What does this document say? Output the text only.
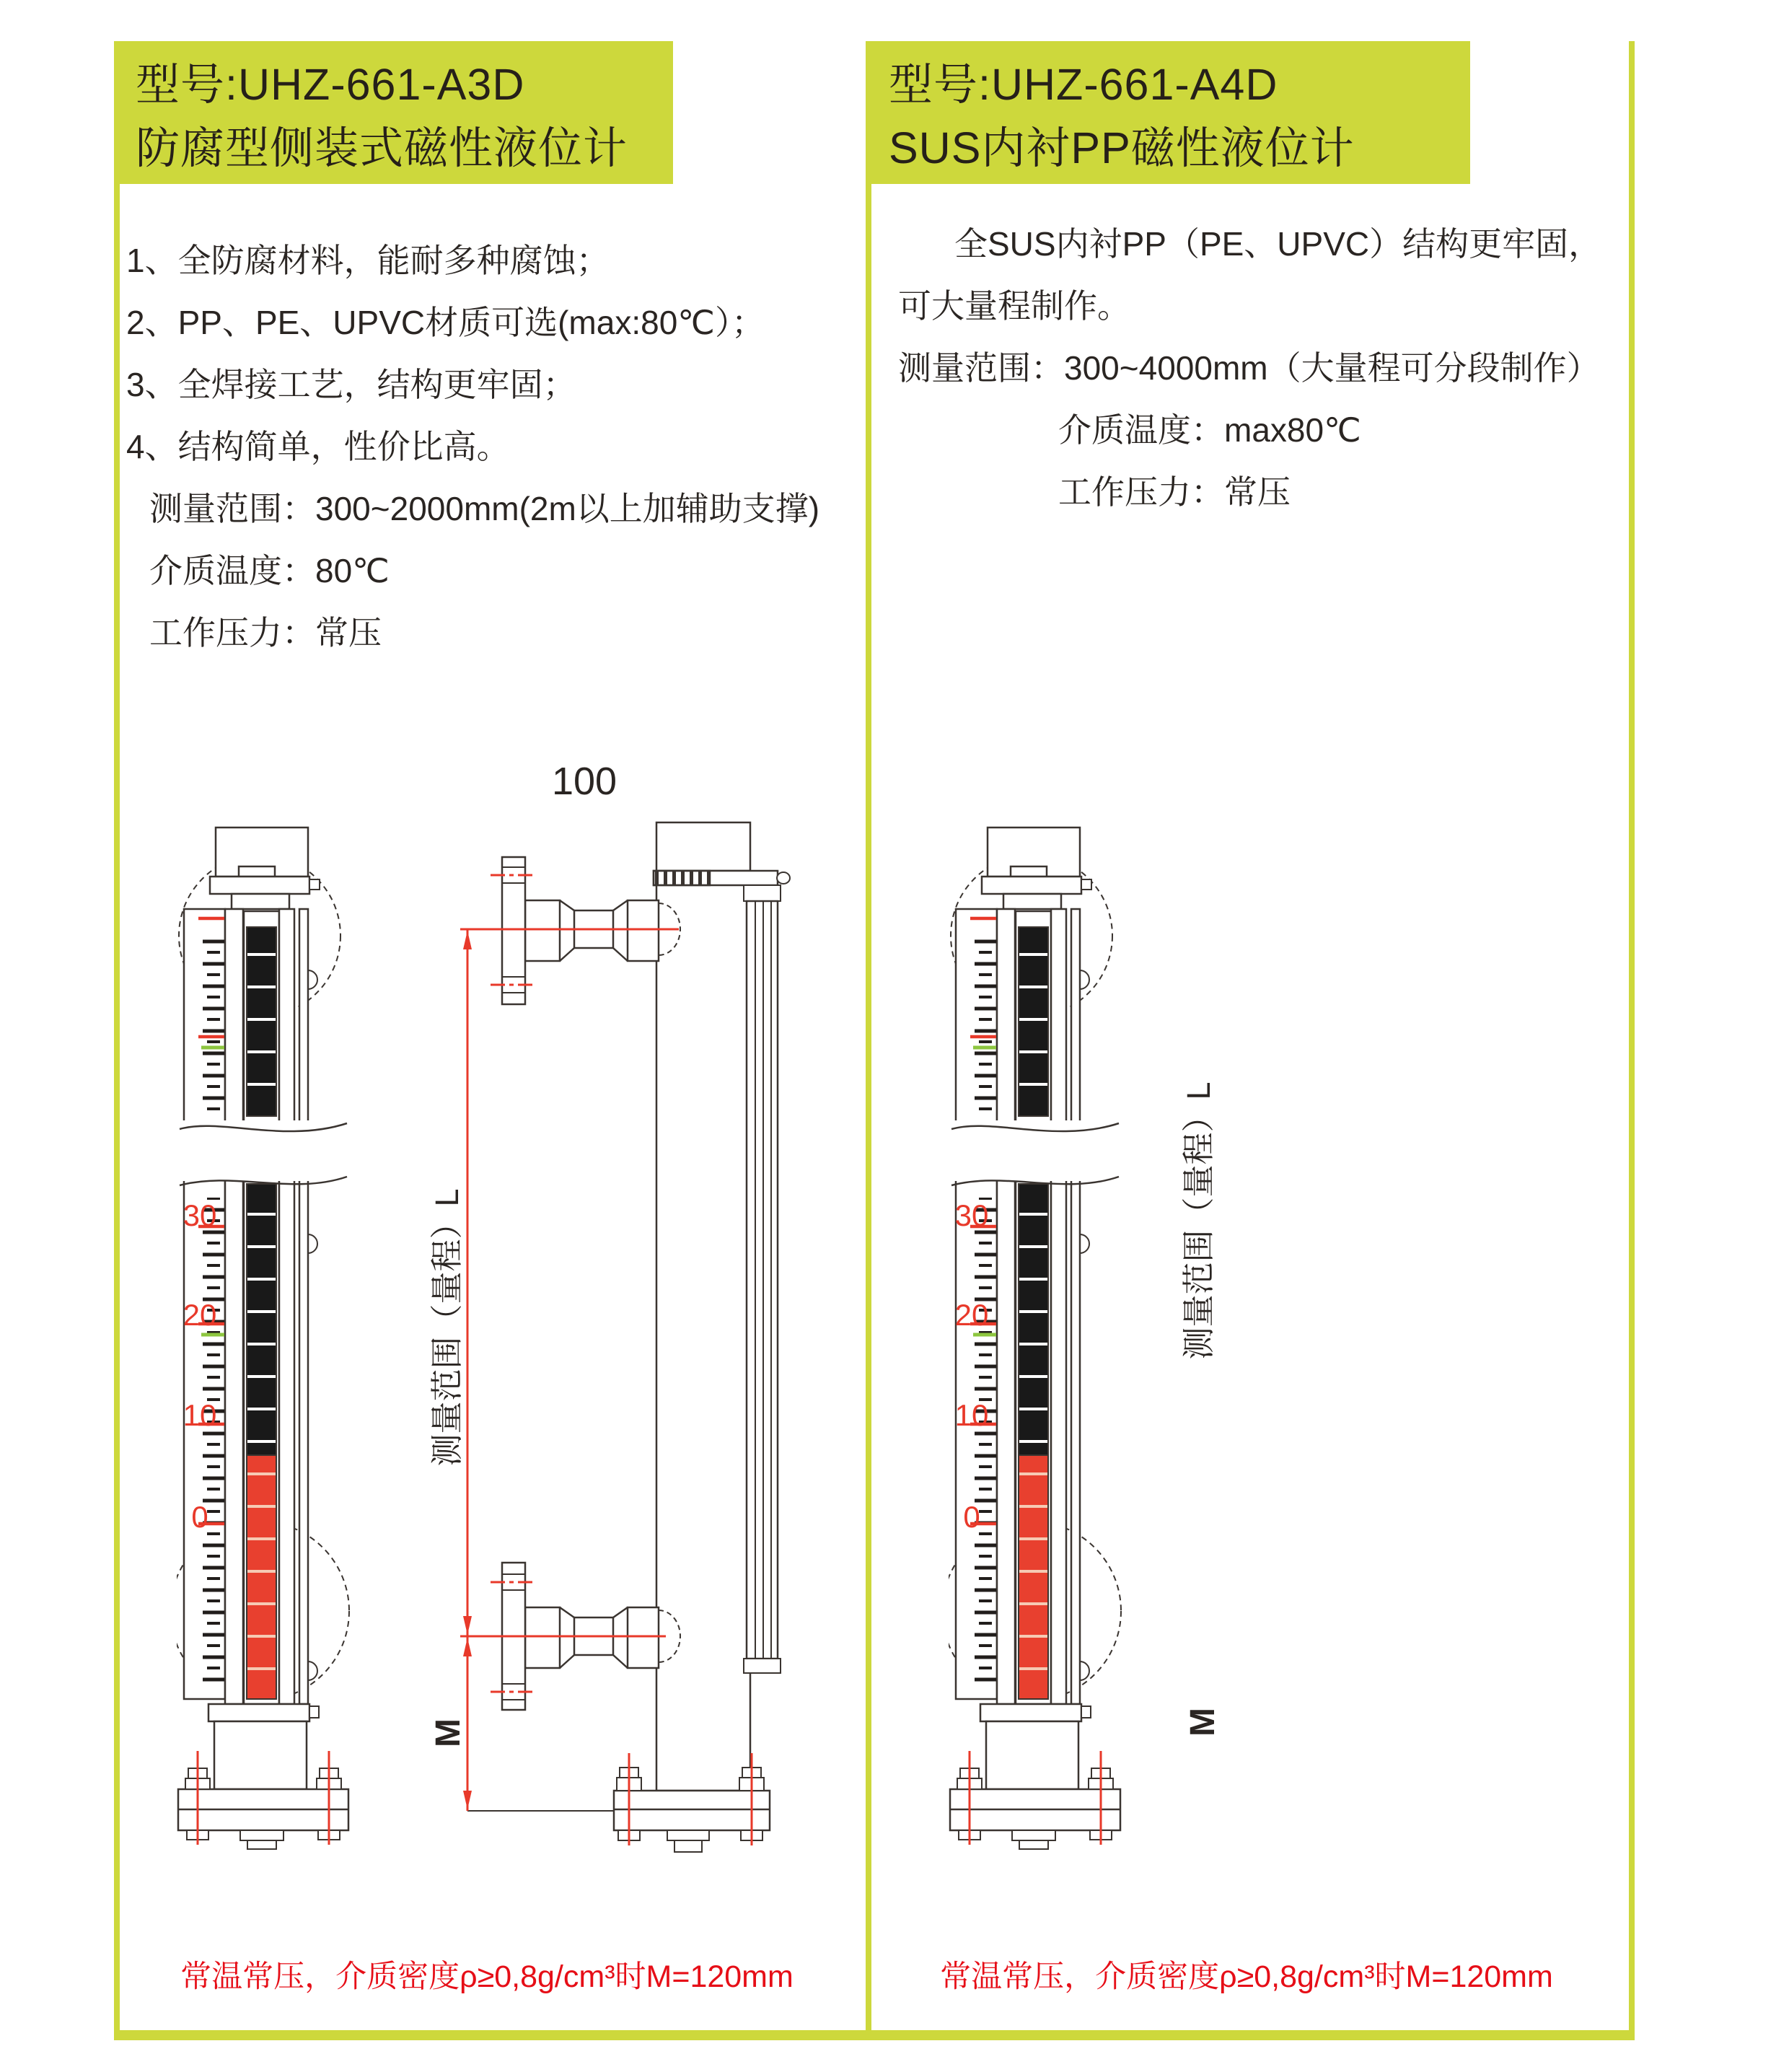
型号:UHZ-661-A3D
防腐型侧装式磁性液位计
型号:UHZ-661-A4D
SUS内衬PP磁性液位计
1、全防腐材料，能耐多种腐蚀；
2、PP、PE、UPVC材质可选(max:80℃）；
3、全焊接工艺，结构更牢固；
4、结构简单，性价比高。
测量范围：300~2000mm(2m以上加辅助支撑)
介质温度：80℃
工作压力：常压
全SUS内衬PP（PE、UPVC）结构更牢固，
可大量程制作。
测量范围：300~4000mm（大量程可分段制作）
介质温度：max80℃
工作压力：常压
100
测量范围（量程）L
M
测量范围（量程）L
M
30
20
10
0
30
20
10
0
常温常压，介质密度ρ≥0,8g/cm³时M=120mm	常温常压，介质密度ρ≥0,8g/cm³时M=120mm
